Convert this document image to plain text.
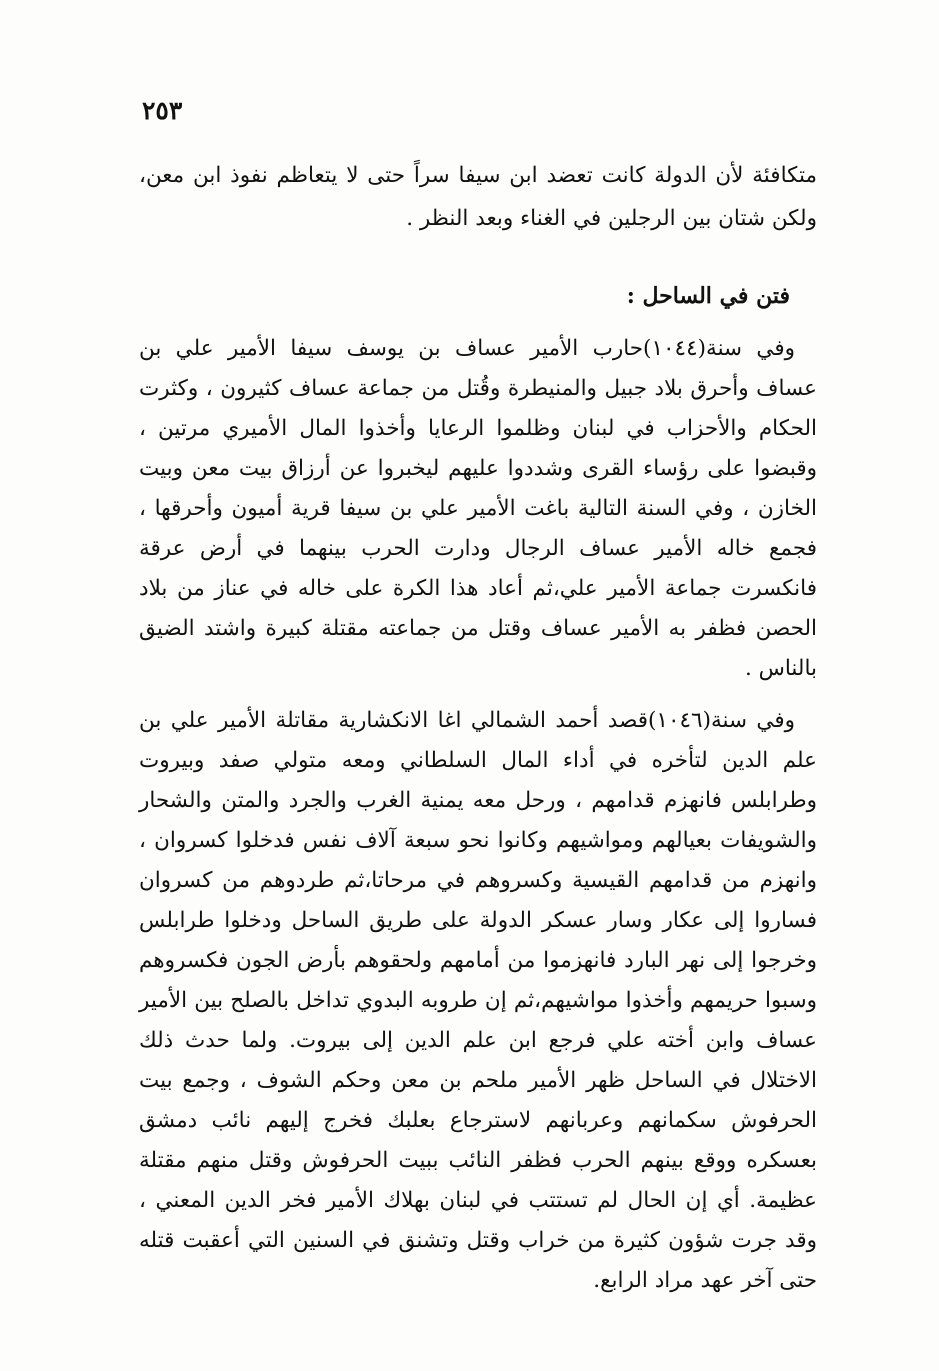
٢٥٣

متكافئة لأن الدولة كانت تعضد ابن سيفا سراً حتى لا يتعاظم نفوذ ابن معن، ولكن شتان بين الرجلين في الغناء وبعد النظر .

فتن في الساحل :

وفي سنة(١٠٤٤)حارب الأمير عساف بن يوسف سيفا الأمير علي بن عساف وأحرق بلاد جبيل والمنيطرة وقُتل من جماعة عساف كثيرون ، وكثرت الحكام والأحزاب في لبنان وظلموا الرعايا وأخذوا المال الأميري مرتين ، وقبضوا على رؤساء القرى وشددوا عليهم ليخبروا عن أرزاق بيت معن وبيت الخازن ، وفي السنة التالية باغت الأمير علي بن سيفا قرية أميون وأحرقها ، فجمع خاله الأمير عساف الرجال ودارت الحرب بينهما في أرض عرقة فانكسرت جماعة الأمير علي،ثم أعاد هذا الكرة على خاله في عناز من بلاد الحصن فظفر به الأمير عساف وقتل من جماعته مقتلة كبيرة واشتد الضيق بالناس .

وفي سنة(١٠٤٦)قصد أحمد الشمالي اغا الانكشارية مقاتلة الأمير علي بن علم الدين لتأخره في أداء المال السلطاني ومعه متولي صفد وبيروت وطرابلس فانهزم قدامهم ، ورحل معه يمنية الغرب والجرد والمتن والشحار والشويفات بعيالهم ومواشيهم وكانوا نحو سبعة آلاف نفس فدخلوا كسروان ، وانهزم من قدامهم القيسية وكسروهم في مرحاتا،ثم طردوهم من كسروان فساروا إلى عكار وسار عسكر الدولة على طريق الساحل ودخلوا طرابلس وخرجوا إلى نهر البارد فانهزموا من أمامهم ولحقوهم بأرض الجون فكسروهم وسبوا حريمهم وأخذوا مواشيهم،ثم إن طروبه البدوي تداخل بالصلح بين الأمير عساف وابن أخته علي فرجع ابن علم الدين إلى بيروت. ولما حدث ذلك الاختلال في الساحل ظهر الأمير ملحم بن معن وحكم الشوف ، وجمع بيت الحرفوش سكمانهم وعربانهم لاسترجاع بعلبك فخرج إليهم نائب دمشق بعسكره ووقع بينهم الحرب فظفر النائب ببيت الحرفوش وقتل منهم مقتلة عظيمة. أي إن الحال لم تستتب في لبنان بهلاك الأمير فخر الدين المعني ، وقد جرت شؤون كثيرة من خراب وقتل وتشنق في السنين التي أعقبت قتله حتى آخر عهد مراد الرابع.
